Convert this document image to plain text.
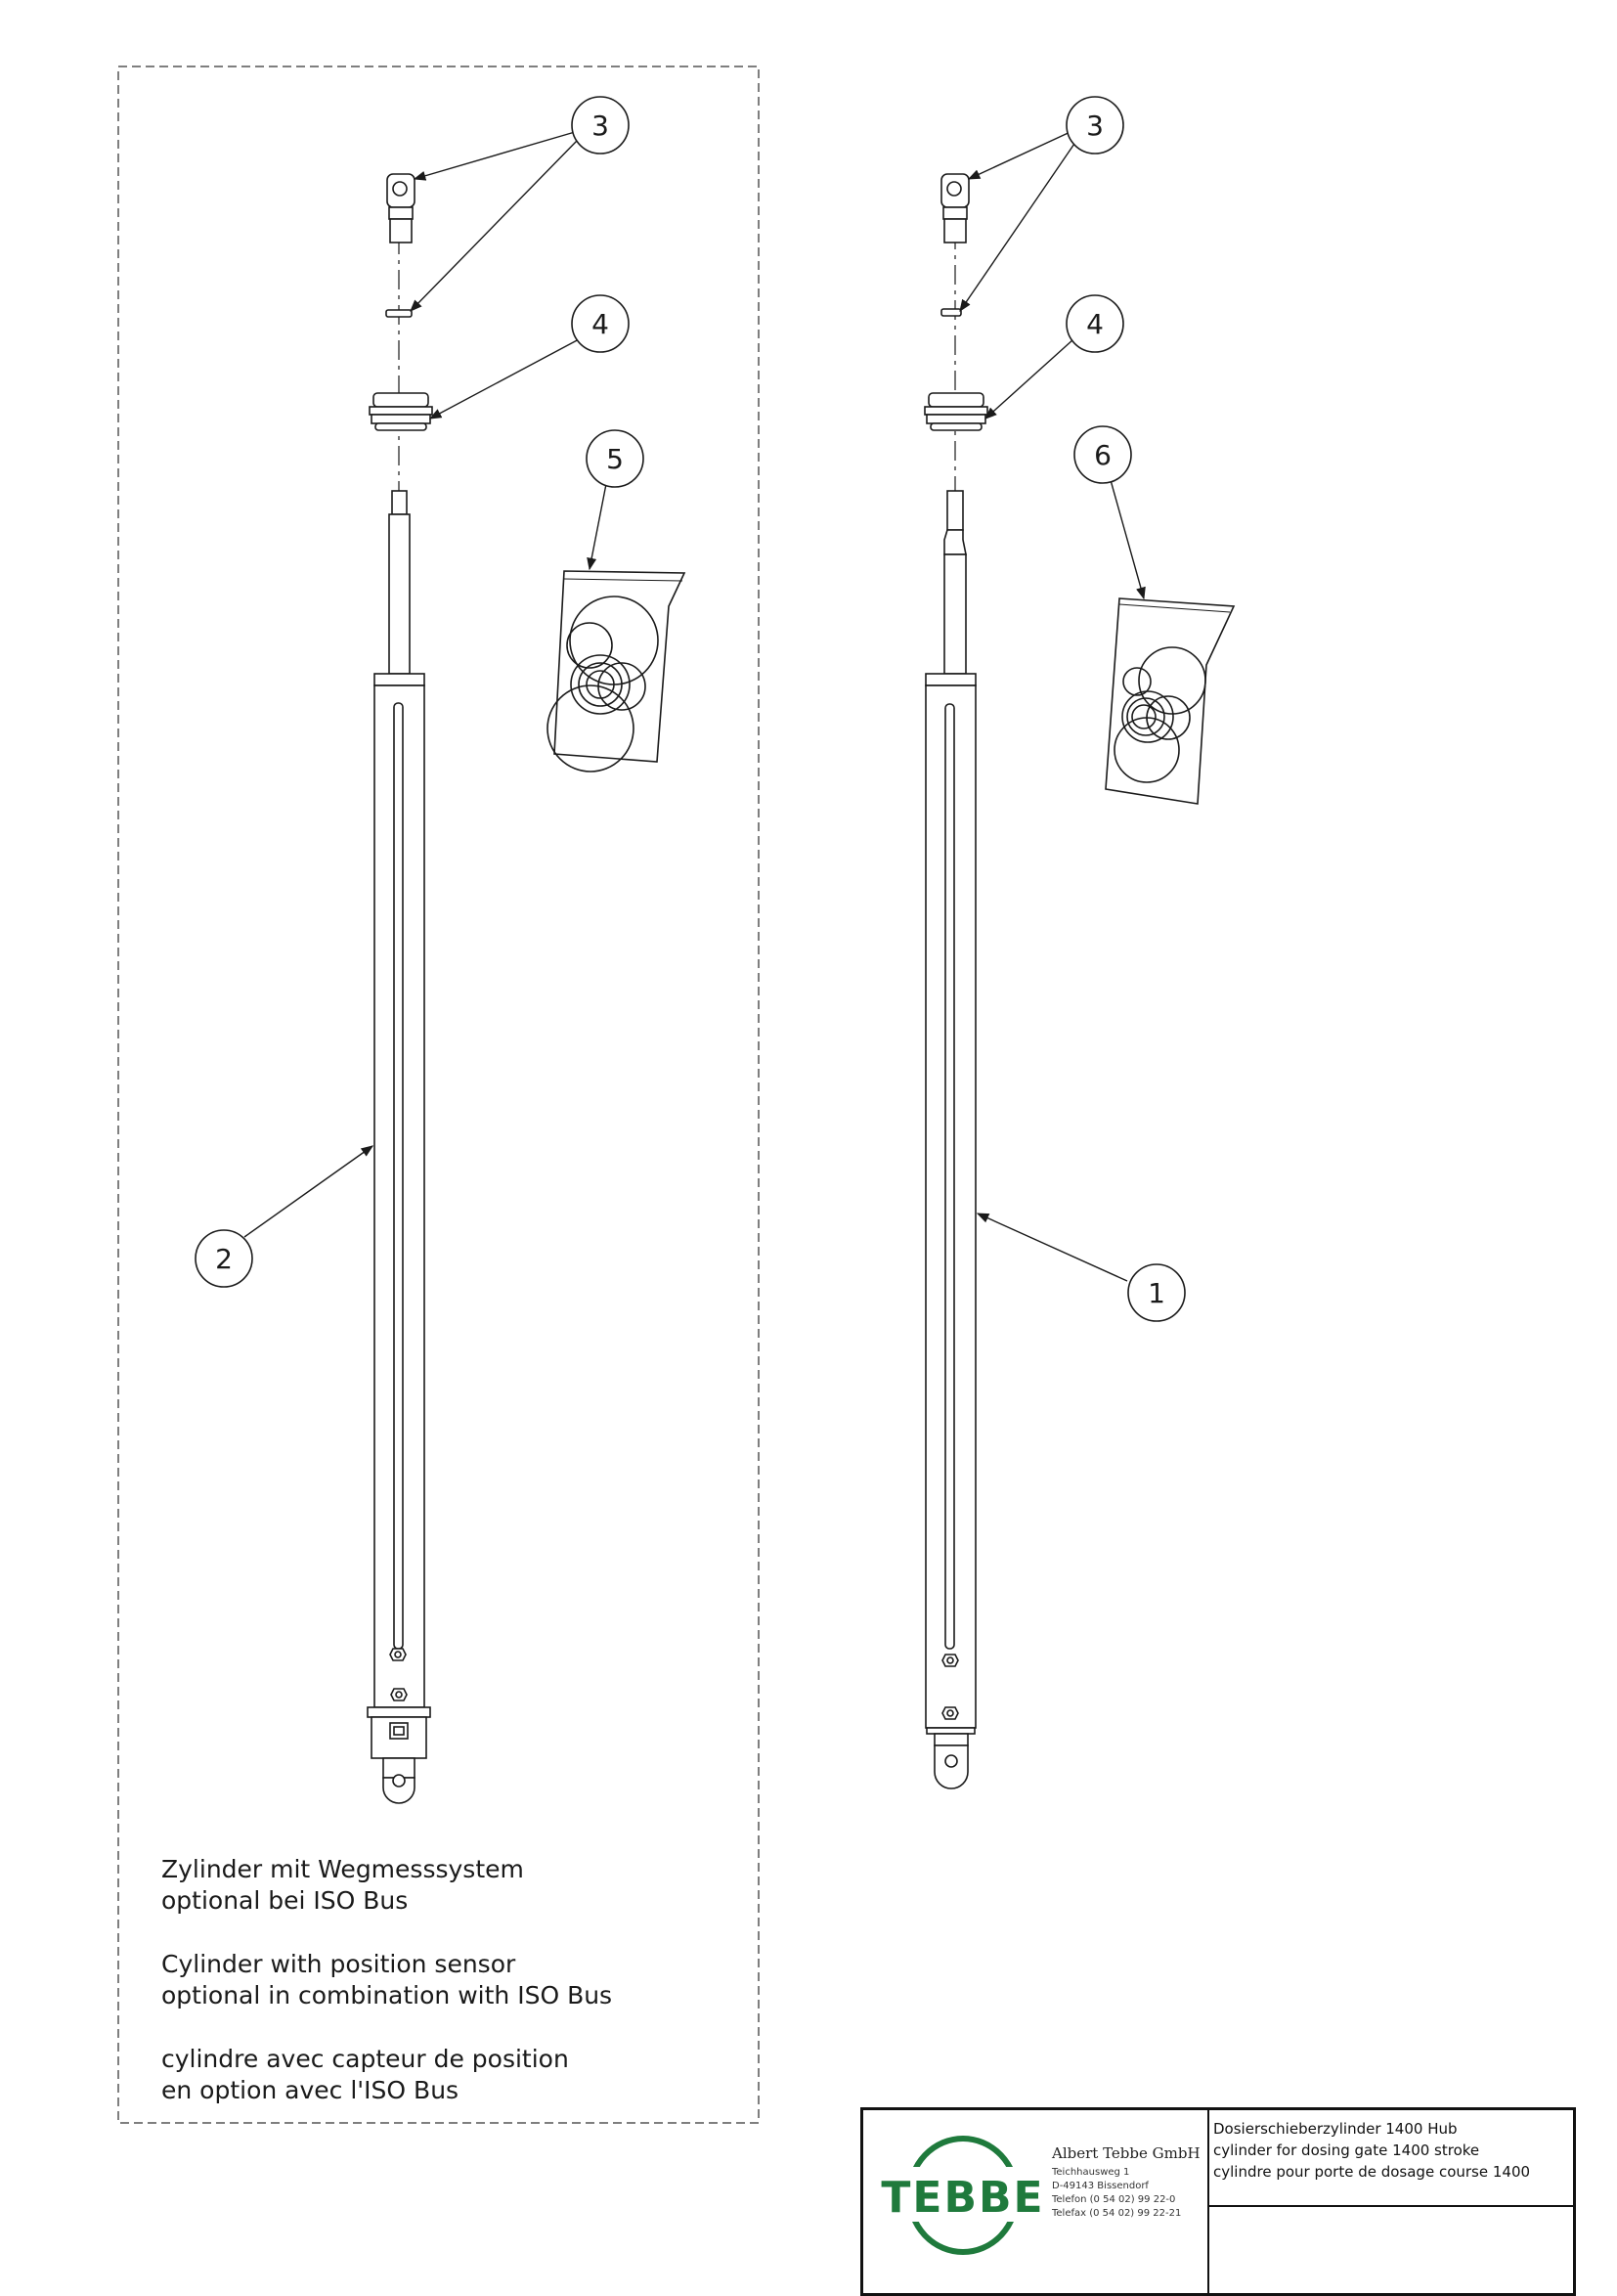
3
4
5
2
3
4
6
1
Zylinder mit Wegmesssystem
optional bei ISO Bus
Cylinder with position sensor
optional in combination with ISO Bus
cylindre avec capteur de position
en option avec l'ISO Bus
TEBBE
Albert Tebbe GmbH
Teichhausweg 1
D-49143 Bissendorf
Telefon (0 54 02) 99 22-0
Telefax (0 54 02) 99 22-21
Dosierschieberzylinder 1400 Hub
cylinder for dosing gate 1400 stroke
cylindre pour porte de dosage course 1400
